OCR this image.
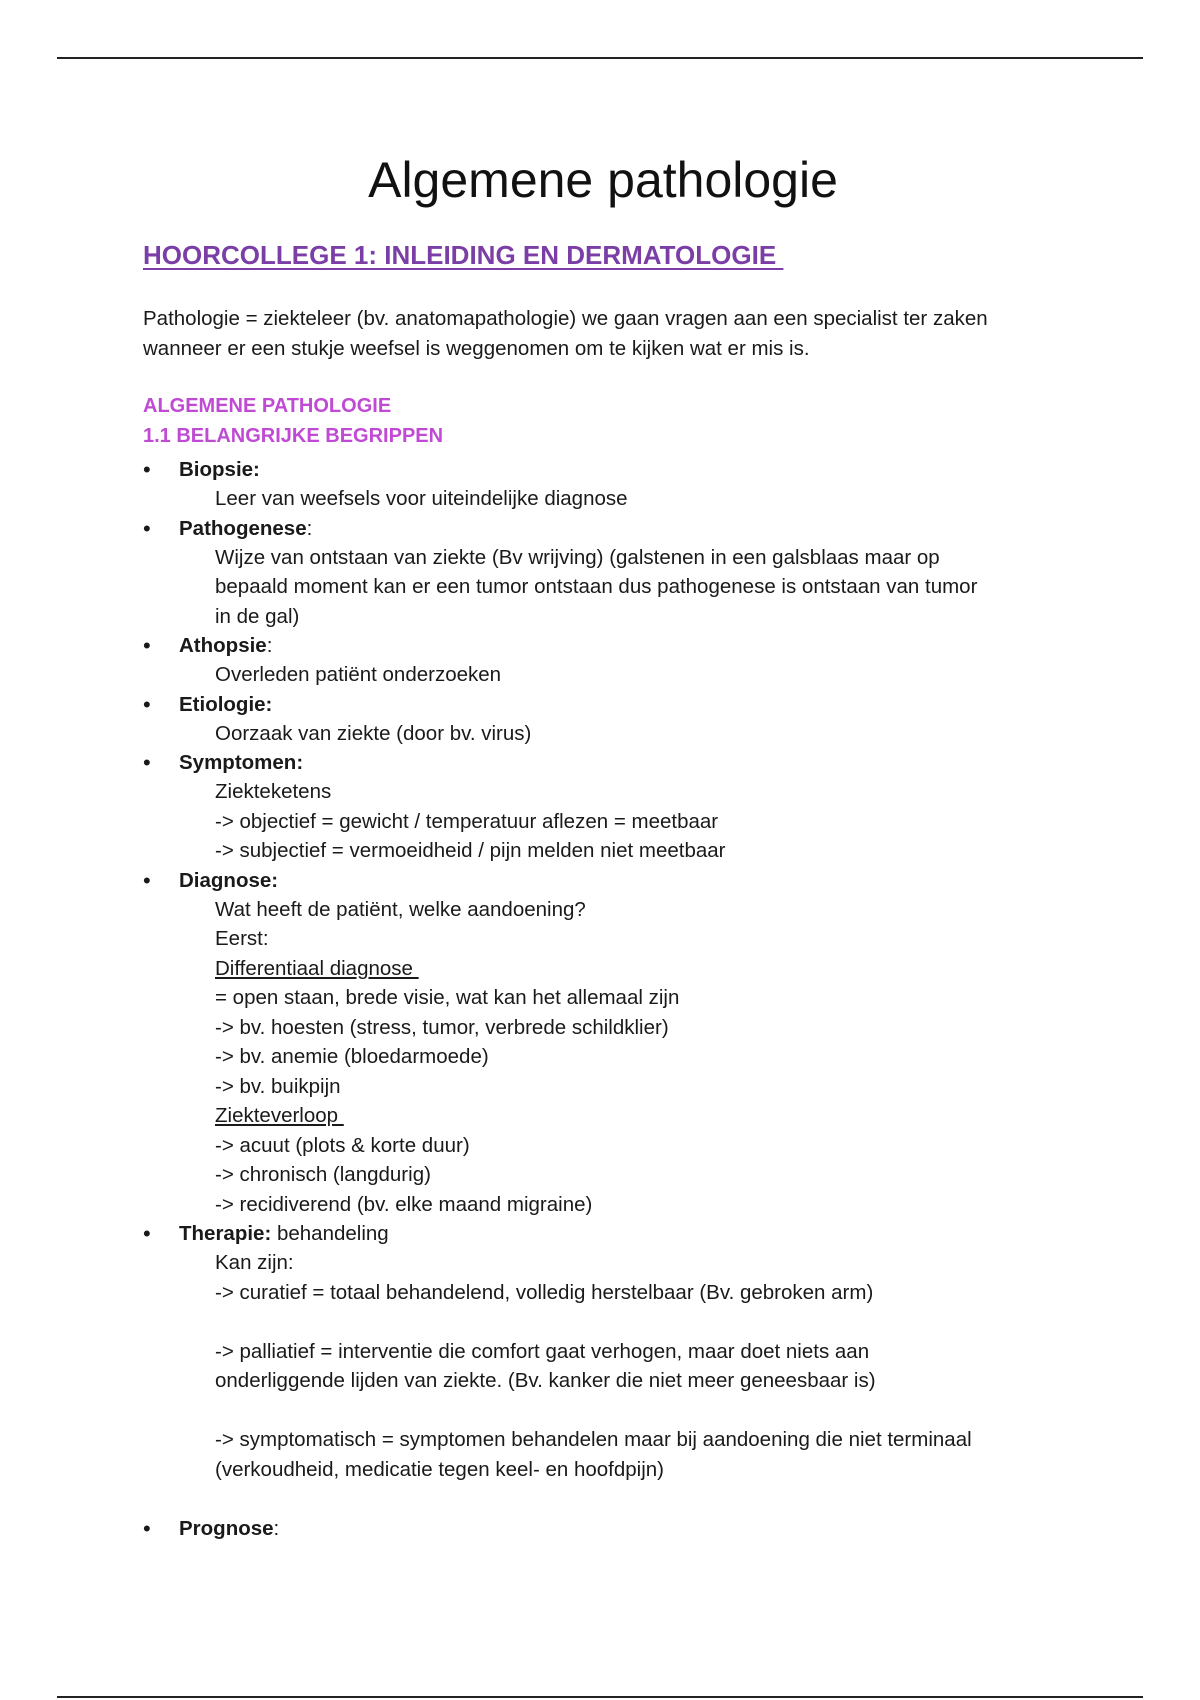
Algemene pathologie
HOORCOLLEGE 1: INLEIDING EN DERMATOLOGIE
Pathologie = ziekteleer (bv. anatomapathologie) we gaan vragen aan een specialist ter zaken wanneer er een stukje weefsel is weggenomen om te kijken wat er mis is.
ALGEMENE PATHOLOGIE
1.1 BELANGRIJKE BEGRIPPEN
• Biopsie:
Leer van weefsels voor uiteindelijke diagnose
• Pathogenese:
Wijze van ontstaan van ziekte (Bv wrijving) (galstenen in een galsblaas maar op
bepaald moment kan er een tumor ontstaan dus pathogenese is ontstaan van tumor
in de gal)
• Athopsie:
Overleden patiënt onderzoeken
• Etiologie:
Oorzaak van ziekte (door bv. virus)
• Symptomen:
Ziekteketens
-> objectief = gewicht / temperatuur aflezen = meetbaar
-> subjectief = vermoeidheid / pijn melden niet meetbaar
• Diagnose:
Wat heeft de patiënt, welke aandoening?
Eerst:
Differentiaal diagnose
= open staan, brede visie, wat kan het allemaal zijn
-> bv. hoesten (stress, tumor, verbrede schildklier)
-> bv. anemie (bloedarmoede)
-> bv. buikpijn
Ziekteverloop
-> acuut (plots & korte duur)
-> chronisch (langdurig)
-> recidiverend (bv. elke maand migraine)
• Therapie: behandeling
Kan zijn:
-> curatief = totaal behandelend, volledig herstelbaar (Bv. gebroken arm)
-> palliatief = interventie die comfort gaat verhogen, maar doet niets aan
onderliggende lijden van ziekte. (Bv. kanker die niet meer geneesbaar is)
-> symptomatisch = symptomen behandelen maar bij aandoening die niet terminaal
(verkoudheid, medicatie tegen keel- en hoofdpijn)
• Prognose:
